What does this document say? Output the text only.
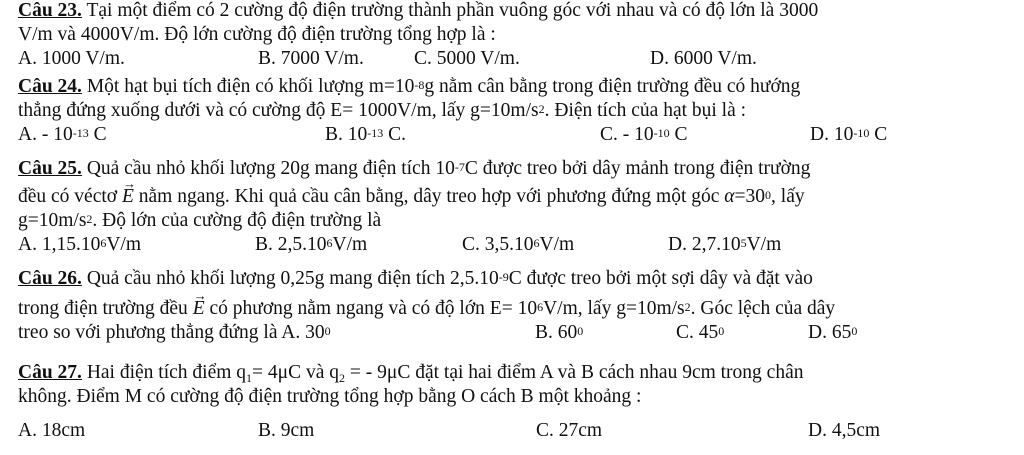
Câu 23. Tại một điểm có 2 cường độ điện trường thành phần vuông góc với nhau và có độ lớn là 3000
V/m và 4000V/m. Độ lớn cường độ điện trường tổng hợp là :
A. 1000 V/m.	B. 7000 V/m.	C. 5000 V/m.	D. 6000 V/m.
Câu 24. Một hạt bụi tích điện có khối lượng $m=10^{-8}g$ nằm cân bằng trong điện trường đều có hướng
thẳng đứng xuống dưới và có cường độ E= 1000V/m, lấy $g=10m/s^2$. Điện tích của hạt bụi là :
A. - $10^{-13}$ C	B. $10^{-13}$ C.	C. - $10^{-10}$ C	D. $10^{-10}$ C
Câu 25. Quả cầu nhỏ khối lượng 20g mang điện tích $10^{-7}C$ được treo bởi dây mảnh trong điện trường
đều có véctơ → E nằm ngang. Khi quả cầu cân bằng, dây treo hợp với phương đứng một góc $\alpha=30^0$, lấy
$g=10m/s^2$. Độ lớn của cường độ điện trường là
A. 1,15.10$^6$V/m	B. 2,5.10$^6$V/m	C. 3,5.10$^6$V/m	D. 2,7.10$^5$V/m
Câu 26. Quả cầu nhỏ khối lượng 0,25g mang điện tích $2,5.10^{-9}C$ được treo bởi một sợi dây và đặt vào
trong điện trường đều → E có phương nằm ngang và có độ lớn $E= 10^6V/m$, lấy $g=10m/s^2$. Góc lệch của dây
treo so với phương thẳng đứng là A. $30^0$	B. $60^0$	C. $45^0$	D. $65^0$
Câu 27. Hai điện tích điểm $q_1= 4\mu C$ và $q_2$ = - 9μC đặt tại hai điểm A và B cách nhau 9cm trong chân
không. Điểm M có cường độ điện trường tổng hợp bằng O cách B một khoảng :
A. 18cm	B. 9cm	C. 27cm	D. 4,5cm
